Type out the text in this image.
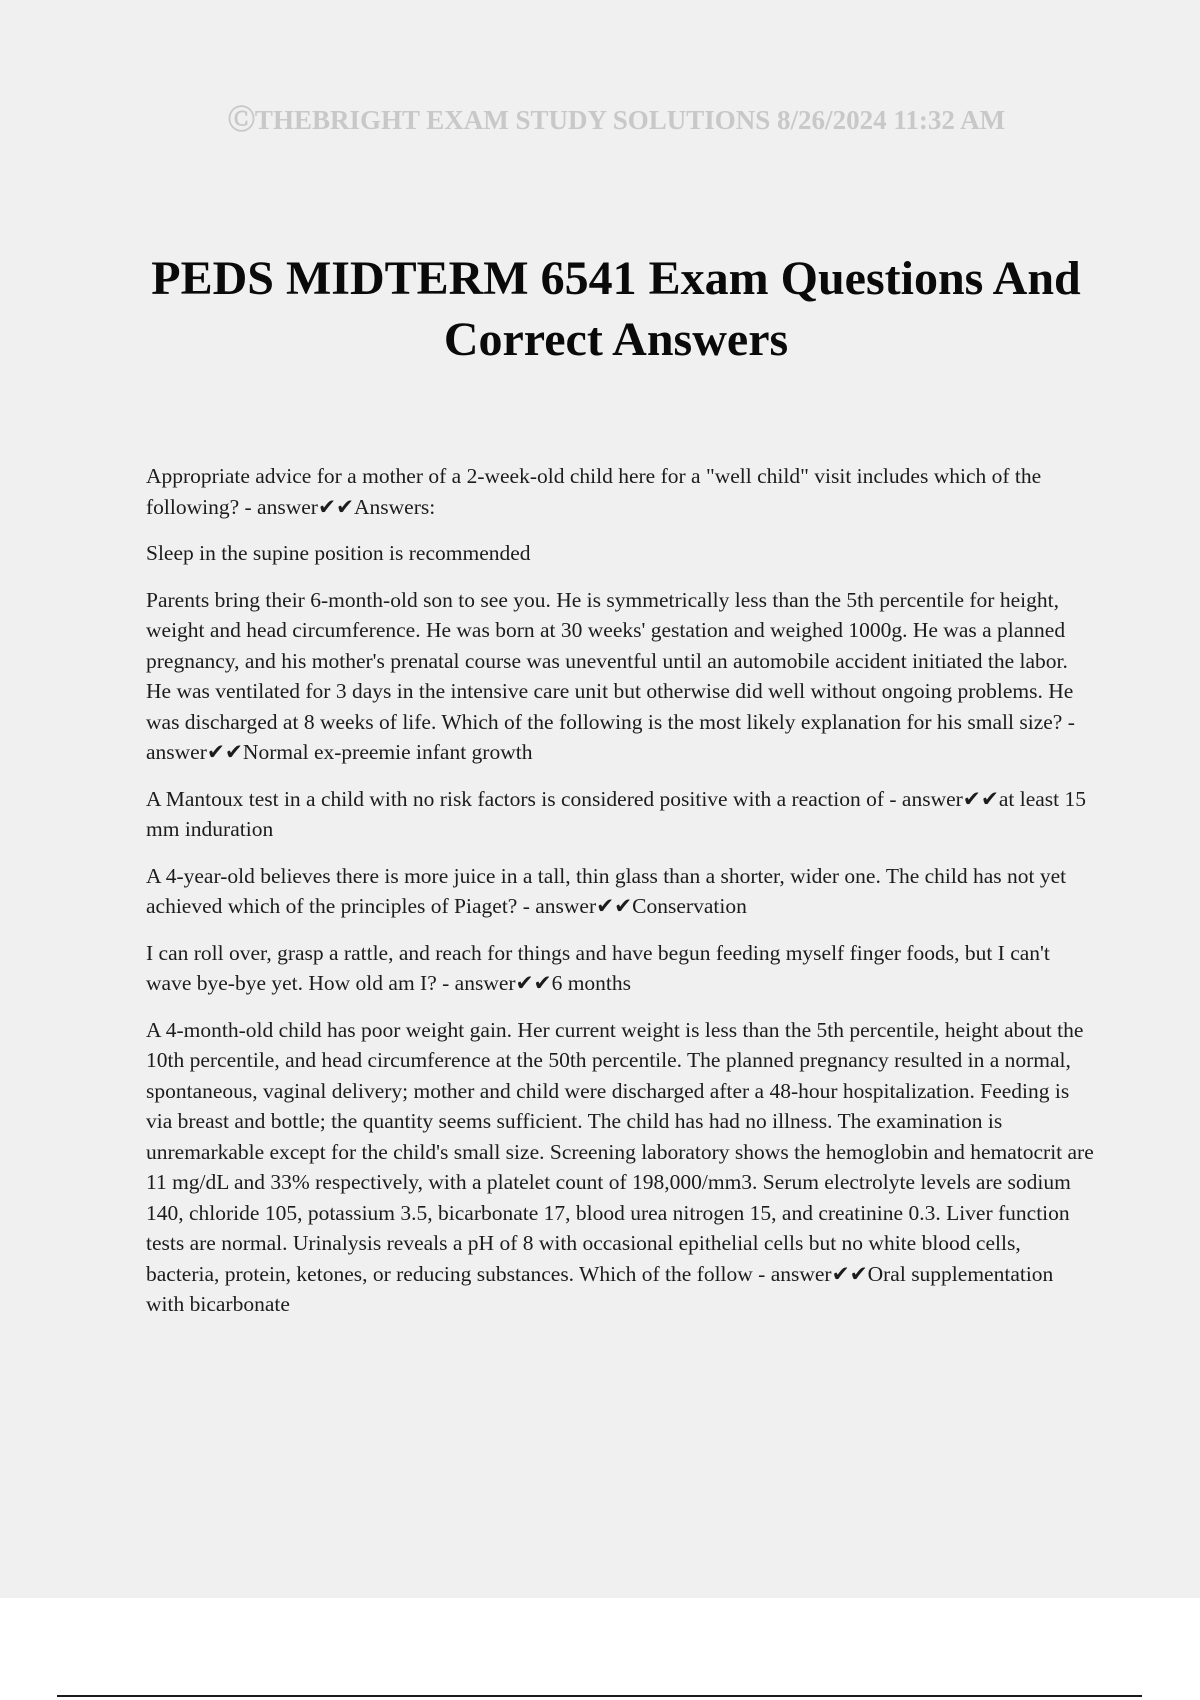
ⒸTHEBRIGHT EXAM STUDY SOLUTIONS 8/26/2024 11:32 AM
PEDS MIDTERM 6541 Exam Questions And Correct Answers

Appropriate advice for a mother of a 2-week-old child here for a "well child" visit includes which of the following? - answer✔✔Answers:

Sleep in the supine position is recommended

Parents bring their 6-month-old son to see you. He is symmetrically less than the 5th percentile for height, weight and head circumference. He was born at 30 weeks' gestation and weighed 1000g. He was a planned pregnancy, and his mother's prenatal course was uneventful until an automobile accident initiated the labor. He was ventilated for 3 days in the intensive care unit but otherwise did well without ongoing problems. He was discharged at 8 weeks of life. Which of the following is the most likely explanation for his small size? - answer✔✔Normal ex-preemie infant growth

A Mantoux test in a child with no risk factors is considered positive with a reaction of - answer✔✔at least 15 mm induration

A 4-year-old believes there is more juice in a tall, thin glass than a shorter, wider one. The child has not yet achieved which of the principles of Piaget? - answer✔✔Conservation

I can roll over, grasp a rattle, and reach for things and have begun feeding myself finger foods, but I can't wave bye-bye yet. How old am I? - answer✔✔6 months

A 4-month-old child has poor weight gain. Her current weight is less than the 5th percentile, height about the 10th percentile, and head circumference at the 50th percentile. The planned pregnancy resulted in a normal, spontaneous, vaginal delivery; mother and child were discharged after a 48-hour hospitalization. Feeding is via breast and bottle; the quantity seems sufficient. The child has had no illness. The examination is unremarkable except for the child's small size. Screening laboratory shows the hemoglobin and hematocrit are 11 mg/dL and 33% respectively, with a platelet count of 198,000/mm3. Serum electrolyte levels are sodium 140, chloride 105, potassium 3.5, bicarbonate 17, blood urea nitrogen 15, and creatinine 0.3. Liver function tests are normal. Urinalysis reveals a pH of 8 with occasional epithelial cells but no white blood cells, bacteria, protein, ketones, or reducing substances. Which of the follow - answer✔✔Oral supplementation with bicarbonate
